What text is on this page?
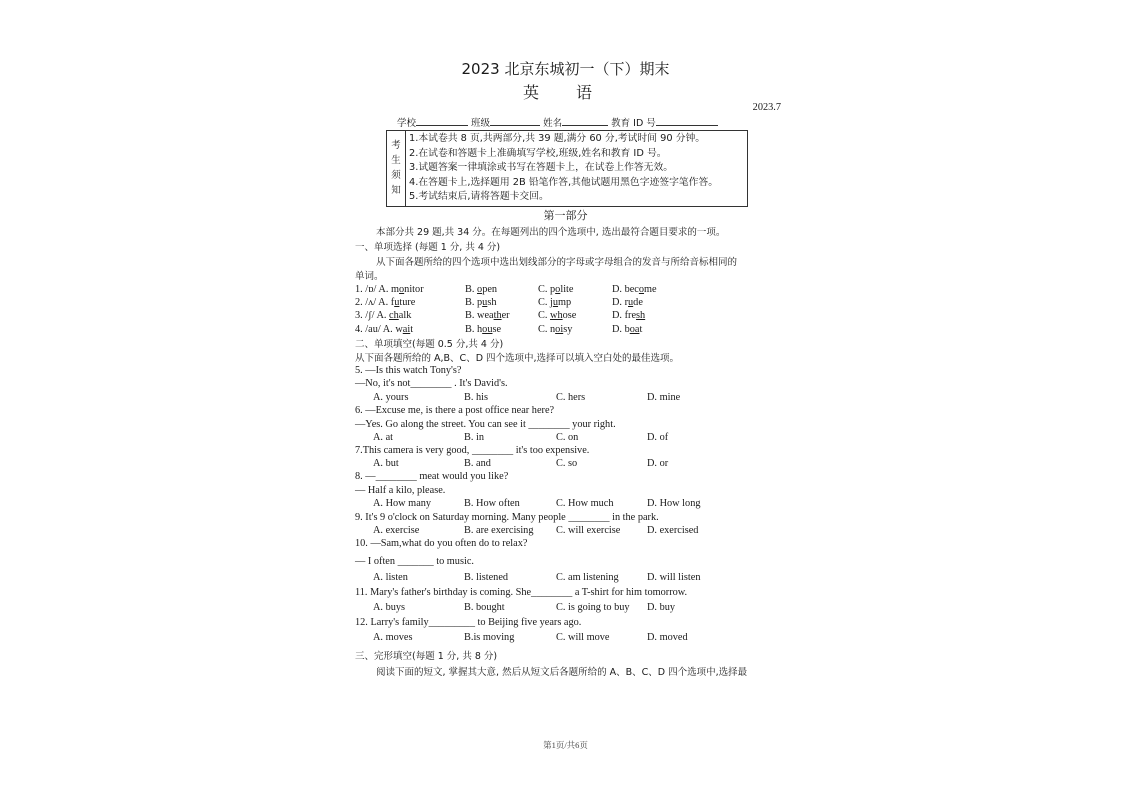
2023 北京东城初一（下）期末
英 语
2023.7
学校	班级	姓名	教育 ID 号
考
生
须
知
1.本试卷共 8 页,共两部分,共 39 题,满分 60 分,考试时间 90 分钟。
2.在试卷和答题卡上准确填写学校,班级,姓名和教育 ID 号。
3.试题答案一律填涂或书写在答题卡上，在试卷上作答无效。
4.在答题卡上,选择题用 2B 铅笔作答,其他试题用黑色字迹签字笔作答。
5.考试结束后,请将答题卡交回。
第一部分
本部分共 29 题,共 34 分。在每题列出的四个选项中, 选出最符合题目要求的一项。
一、单项选择 (每题 1 分, 共 4 分)
从下面各题所给的四个选项中选出划线部分的字母或字母组合的发音与所给音标相同的
单词。
1. /ɒ/ A. monitor	B. open	C. polite	D. become
2. /ʌ/ A. future	B. push	C. jump	D. rude
3. /ʃ/ A. chalk	B. weather	C. whose	D. fresh
4. /au/ A. wait	B. house	C. noisy	D. boat
二、单项填空(每题 0.5 分,共 4 分)
从下面各题所给的 A,B、C、D 四个选项中,选择可以填入空白处的最佳选项。
5. —Is this watch Tony's?
—No, it's not________ . It's David's.
A. yours	B. his	C. hers	D. mine
6. —Excuse me, is there a post office near here?
—Yes. Go along the street. You can see it ________ your right.
A. at	B. in	C. on	D. of
7.This camera is very good, ________ it's too expensive.
A. but	B. and	C. so	D. or
8. —________ meat would you like?
— Half a kilo, please.
A. How many	B. How often	C. How much	D. How long
9. It's 9 o'clock on Saturday morning. Many people ________ in the park.
A. exercise	B. are exercising C. will exercise	D. exercised
10. —Sam,what do you often do to relax?
— I often _______ to music.
A. listen	B. listened	C. am listening	D. will listen
11. Mary's father's birthday is coming. She________ a T-shirt for him tomorrow.
A. buys	B. bought	C. is going to buy D. buy
12. Larry's family_________ to Beijing five years ago.
A. moves	B.is moving	C. will move	D. moved
三、完形填空(每题 1 分, 共 8 分)
阅读下面的短文, 掌握其大意, 然后从短文后各题所给的 A、B、C、D 四个选项中,选择最
第1页/共6页
